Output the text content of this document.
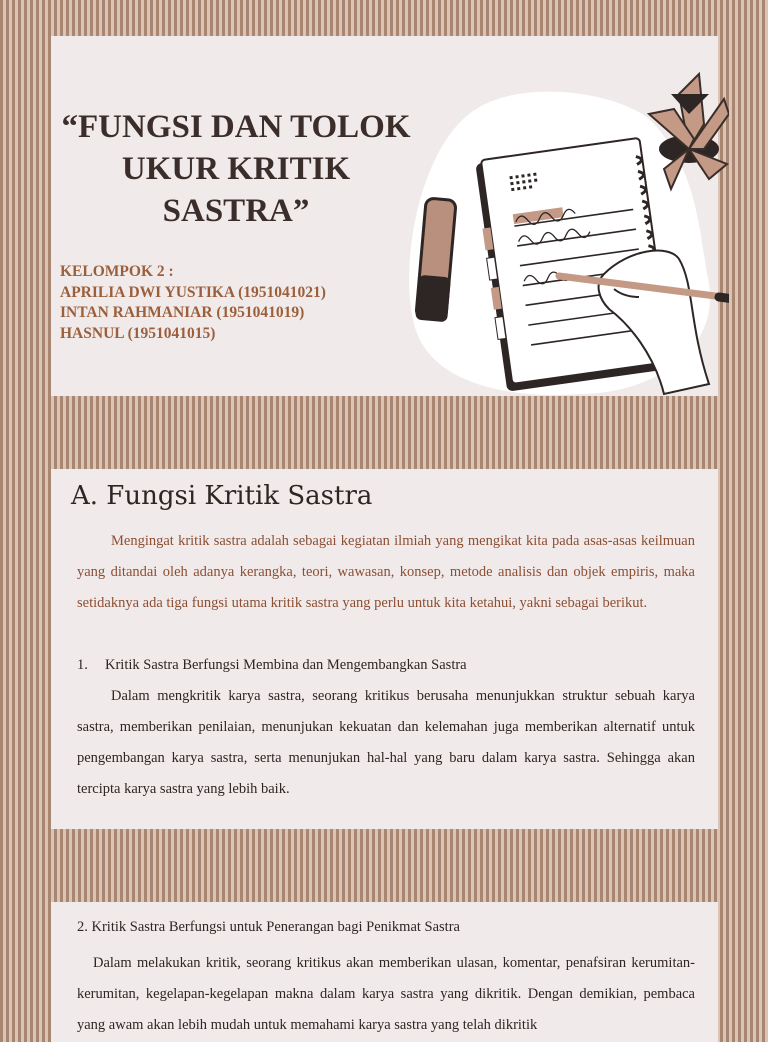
“FUNGSI DAN TOLOK UKUR KRITIK SASTRA”
KELOMPOK 2 :
APRILIA DWI YUSTIKA (1951041021)
INTAN RAHMANIAR (1951041019)
HASNUL (1951041015)
A. Fungsi Kritik Sastra
Mengingat kritik sastra adalah sebagai kegiatan ilmiah yang mengikat kita pada asas-asas keilmuan yang ditandai oleh adanya kerangka, teori, wawasan, konsep, metode analisis dan objek empiris, maka setidaknya ada tiga fungsi utama kritik sastra yang perlu untuk kita ketahui, yakni sebagai berikut.
1. Kritik Sastra Berfungsi Membina dan Mengembangkan Sastra
Dalam mengkritik karya sastra, seorang kritikus berusaha menunjukkan struktur sebuah karya sastra, memberikan penilaian, menunjukan kekuatan dan kelemahan juga memberikan alternatif untuk pengembangan karya sastra, serta menunjukan hal-hal yang baru dalam karya sastra. Sehingga akan tercipta karya sastra yang lebih baik.
2. Kritik Sastra Berfungsi untuk Penerangan bagi Penikmat Sastra
Dalam melakukan kritik, seorang kritikus akan memberikan ulasan, komentar, penafsiran kerumitan-kerumitan, kegelapan-kegelapan makna dalam karya sastra yang dikritik. Dengan demikian, pembaca yang awam akan lebih mudah untuk memahami karya sastra yang telah dikritik
